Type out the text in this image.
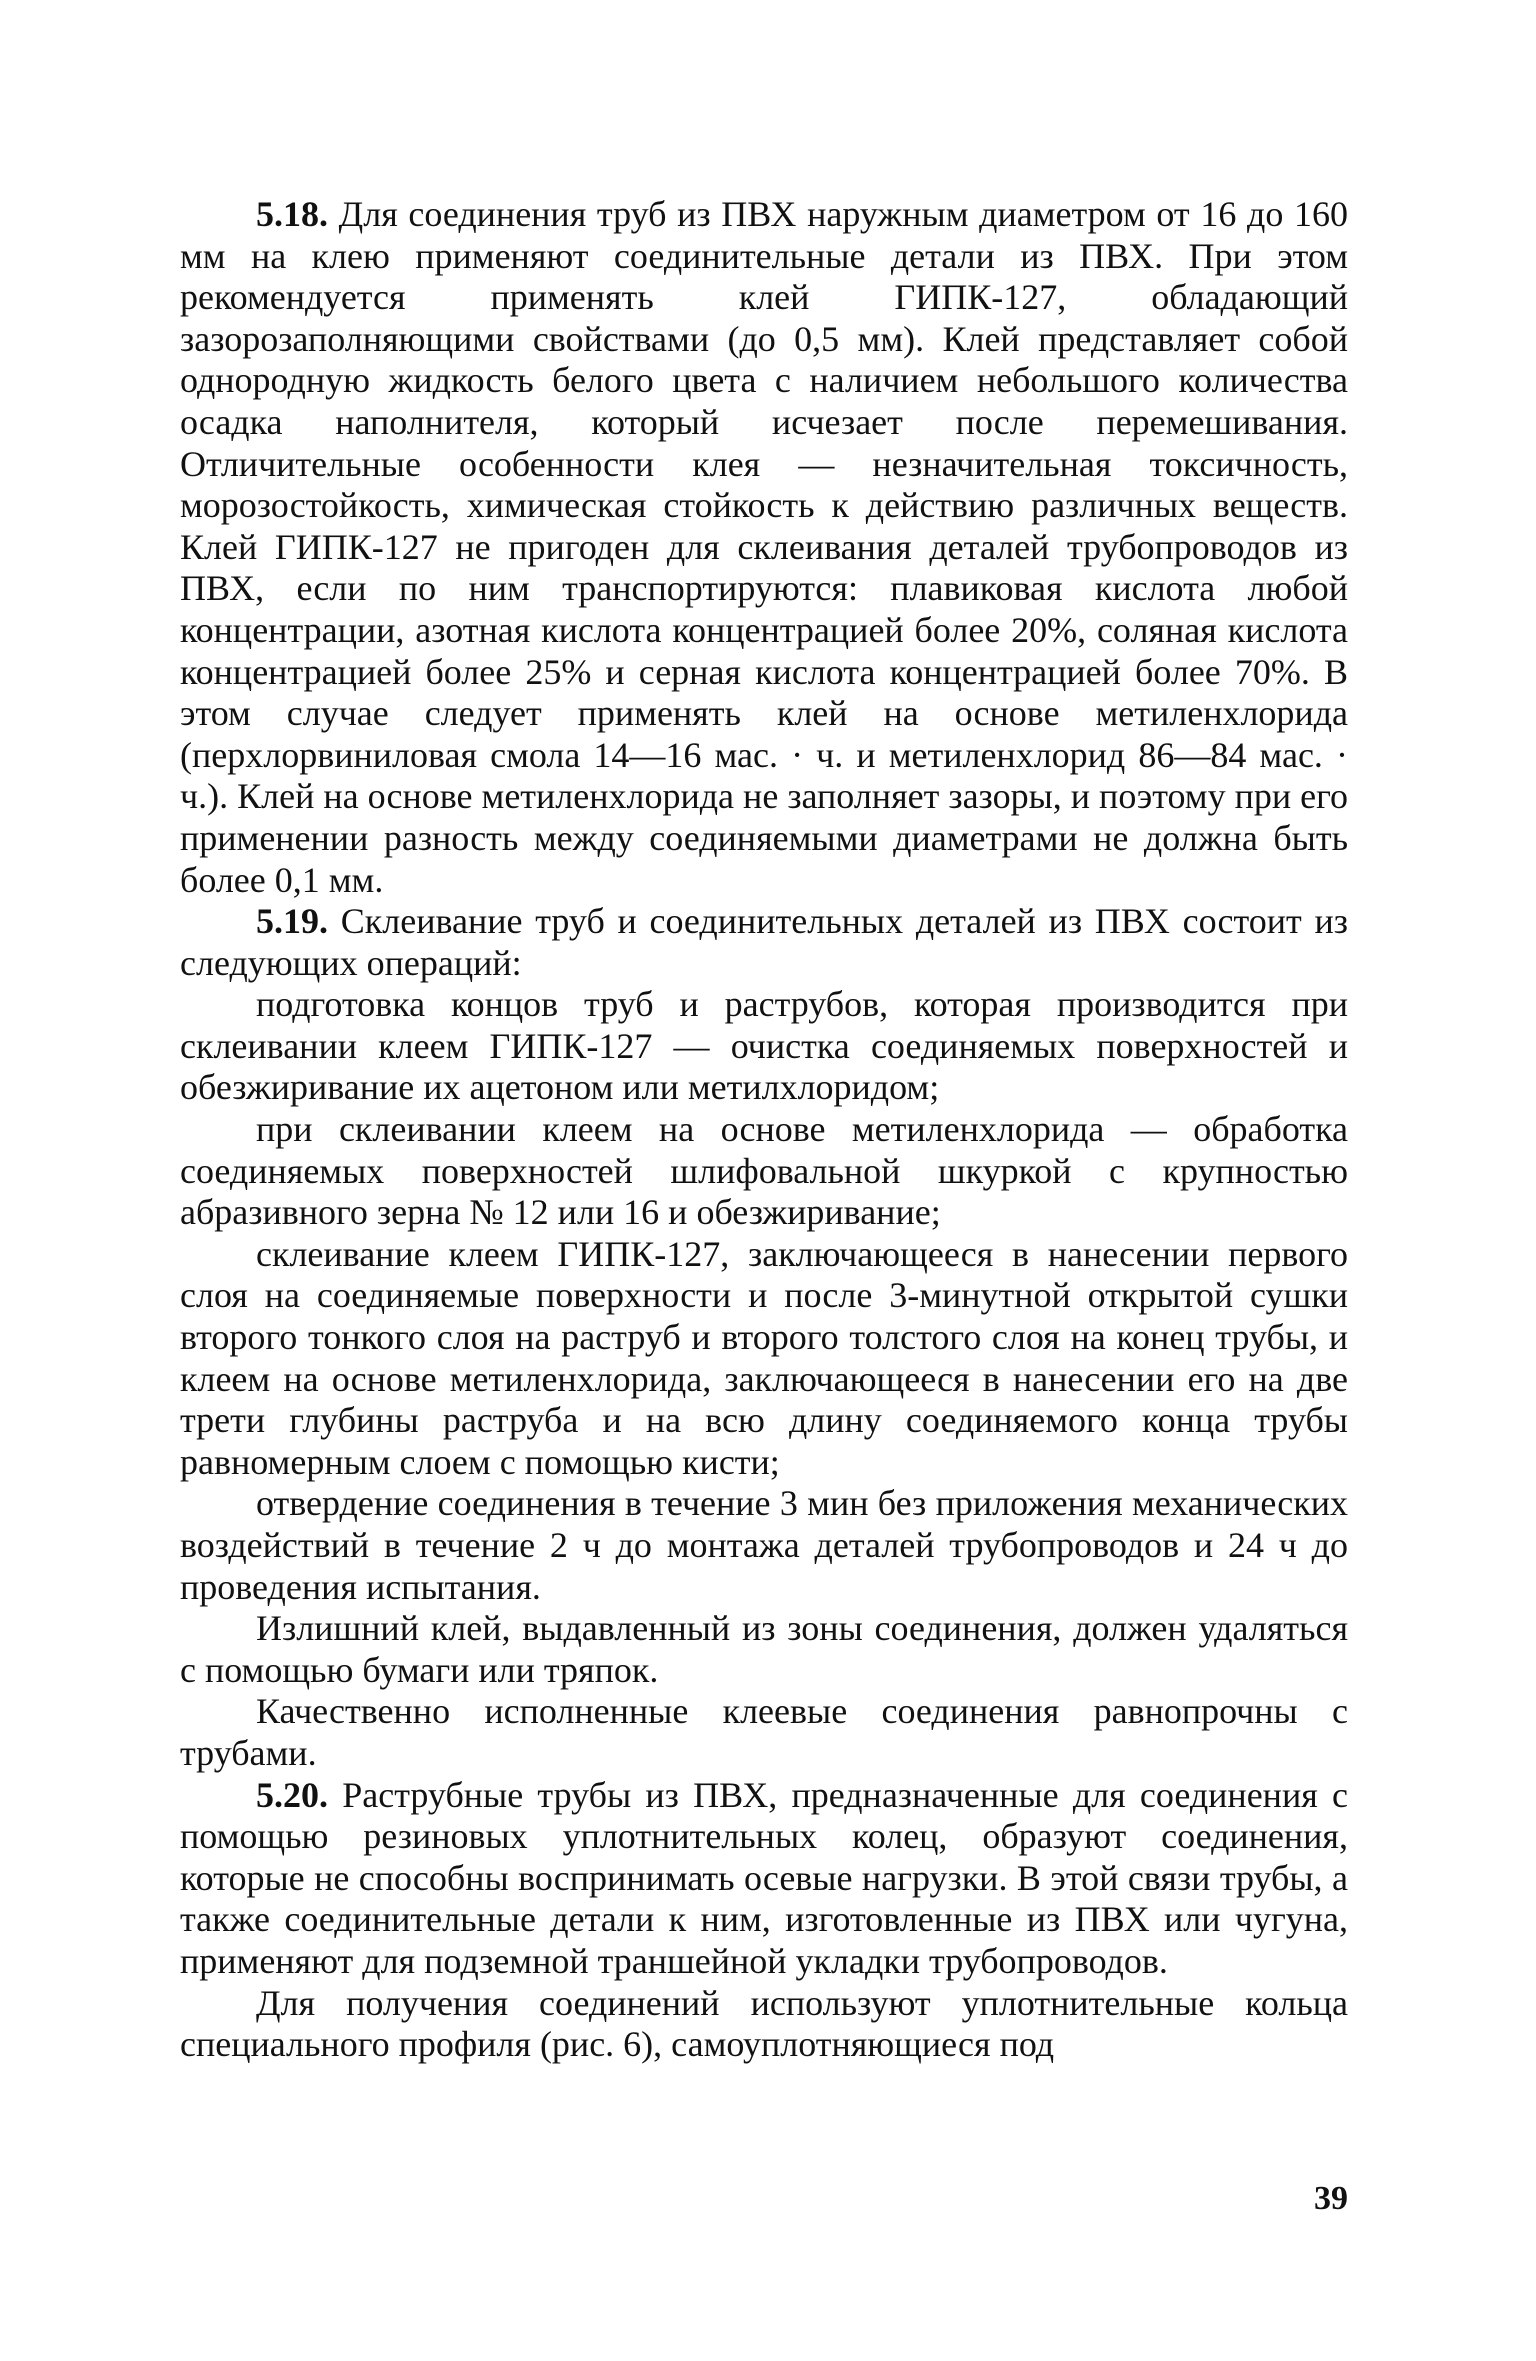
5.18. Для соединения труб из ПВХ наружным диаметром от 16 до 160 мм на клею применяют соединительные детали из ПВХ. При этом рекомендуется применять клей ГИПК-127, обладающий зазорозаполняющими свойствами (до 0,5 мм). Клей представляет собой однородную жидкость белого цвета с наличием небольшого количества осадка наполнителя, который исчезает после перемешивания. Отличительные особенности клея — незначительная токсичность, морозостойкость, химическая стойкость к действию различных веществ. Клей ГИПК-127 не пригоден для склеивания деталей трубопроводов из ПВХ, если по ним транспортируются: плавиковая кислота любой концентрации, азотная кислота концентрацией более 20%, соляная кислота концентрацией более 25% и серная кислота концентрацией более 70%. В этом случае следует применять клей на основе метиленхлорида (перхлорвиниловая смола 14—16 мас. · ч. и метиленхлорид 86—84 мас. · ч.). Клей на основе метиленхлорида не заполняет зазоры, и поэтому при его применении разность между соединяемыми диаметрами не должна быть более 0,1 мм.

5.19. Склеивание труб и соединительных деталей из ПВХ состоит из следующих операций:

подготовка концов труб и раструбов, которая производится при склеивании клеем ГИПК-127 — очистка соединяемых поверхностей и обезжиривание их ацетоном или метилхлоридом;

при склеивании клеем на основе метиленхлорида — обработка соединяемых поверхностей шлифовальной шкуркой с крупностью абразивного зерна № 12 или 16 и обезжиривание;

склеивание клеем ГИПК-127, заключающееся в нанесении первого слоя на соединяемые поверхности и после 3-минутной открытой сушки второго тонкого слоя на раструб и второго толстого слоя на конец трубы, и клеем на основе метиленхлорида, заключающееся в нанесении его на две трети глубины раструба и на всю длину соединяемого конца трубы равномерным слоем с помощью кисти;

отвердение соединения в течение 3 мин без приложения механических воздействий в течение 2 ч до монтажа деталей трубопроводов и 24 ч до проведения испытания.

Излишний клей, выдавленный из зоны соединения, должен удаляться с помощью бумаги или тряпок.

Качественно исполненные клеевые соединения равнопрочны с трубами.

5.20. Раструбные трубы из ПВХ, предназначенные для соединения с помощью резиновых уплотнительных колец, образуют соединения, которые не способны воспринимать осевые нагрузки. В этой связи трубы, а также соединительные детали к ним, изготовленные из ПВХ или чугуна, применяют для подземной траншейной укладки трубопроводов.

Для получения соединений используют уплотнительные кольца специального профиля (рис. 6), самоуплотняющиеся под

39
